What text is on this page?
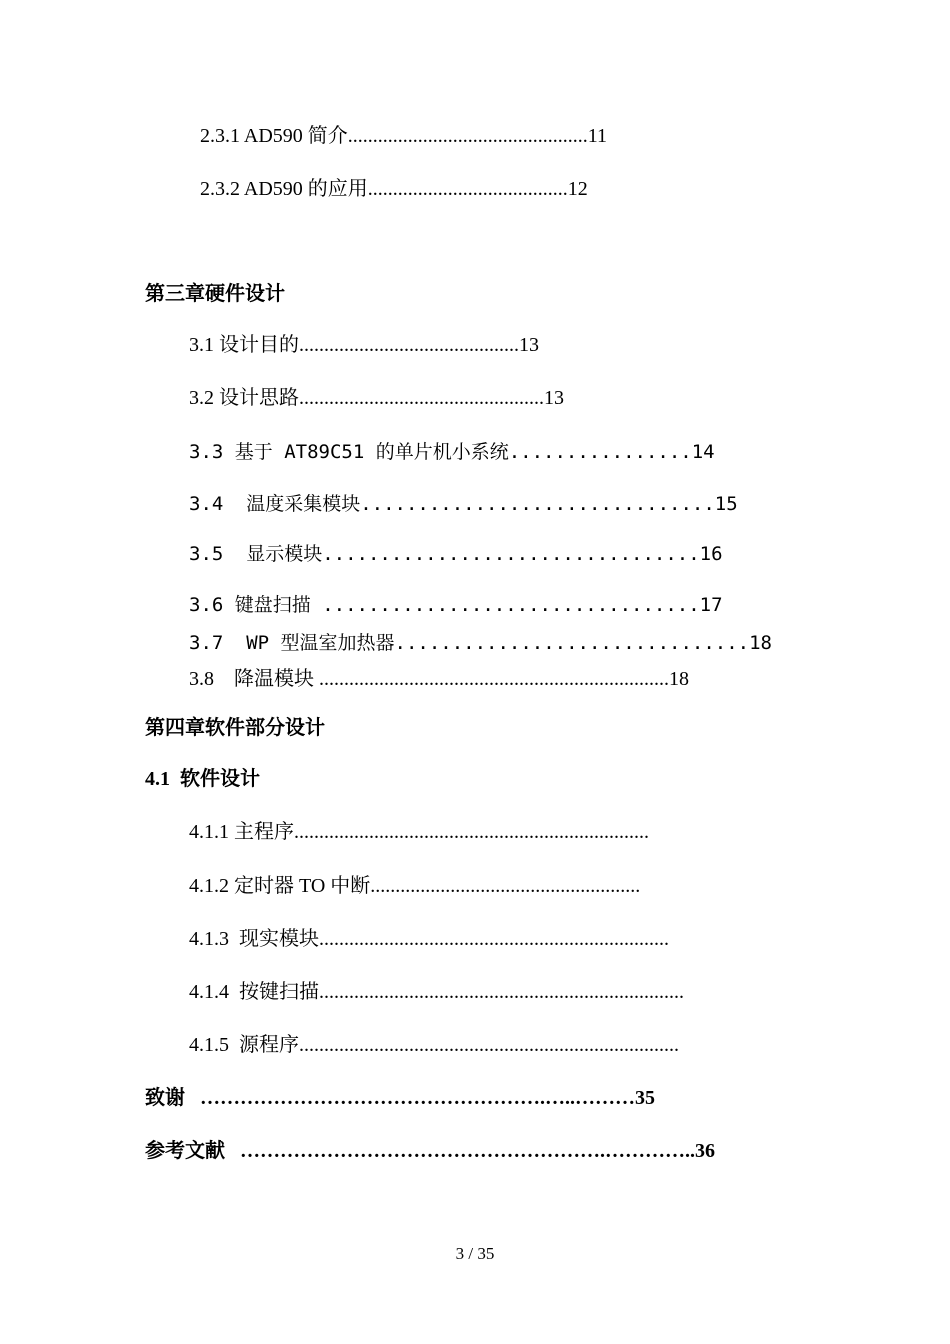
2.3.1 AD590 简介................................................11
2.3.2 AD590 的应用........................................12
第三章硬件设计
3.1 设计目的............................................13
3.2 设计思路.................................................13
3.3 基于 AT89C51 的单片机小系统................14
3.4  温度采集模块...............................15
3.5  显示模块.................................16
3.6 键盘扫描 .................................17
3.7  WP 型温室加热器...............................18
3.8    降温模块 ......................................................................18
第四章软件部分设计
4.1  软件设计
4.1.1 主程序.......................................................................
4.1.2 定时器 TO 中断......................................................
4.1.3  现实模块......................................................................
4.1.4  按键扫描.........................................................................
4.1.5  源程序............................................................................
致谢   …………………………………………….…..………35
参考文献   ……………………………………………….…………..36
3 / 35
